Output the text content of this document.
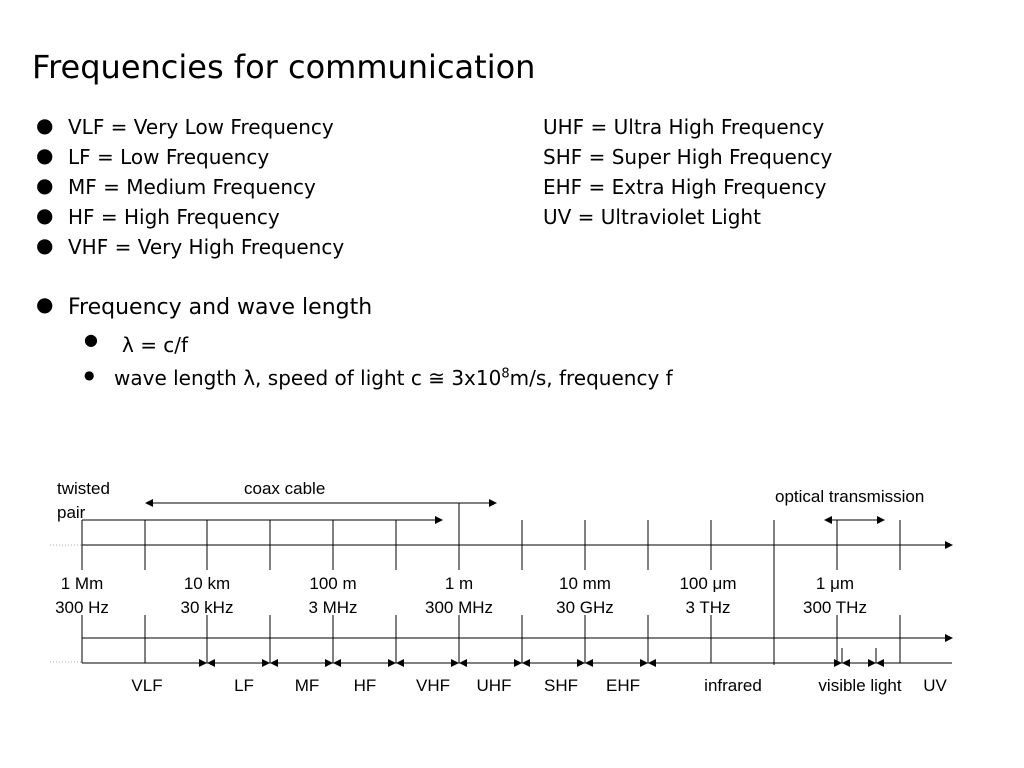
Frequencies for communication
● VLF = Very Low Frequency	UHF = Ultra High Frequency
● LF = Low Frequency	SHF = Super High Frequency
● MF = Medium Frequency	EHF = Extra High Frequency
● HF = High Frequency	UV = Ultraviolet Light
● VHF = Very High Frequency
● Frequency and wave length
● λ = c/f
● wave length λ, speed of light c ≅ $3x10^8m/s$, frequency f
twisted
pair
coax cable	optical transmission
1 Mm
300 Hz
10 km
30 kHz
100 m
3 MHz
1 m
300 MHz
10 mm
30 GHz
100 μm
3 THz
1 μm
300 THz
VLF	LF MF HF VHF UHF SHF EHF	infrared	visible light UV
